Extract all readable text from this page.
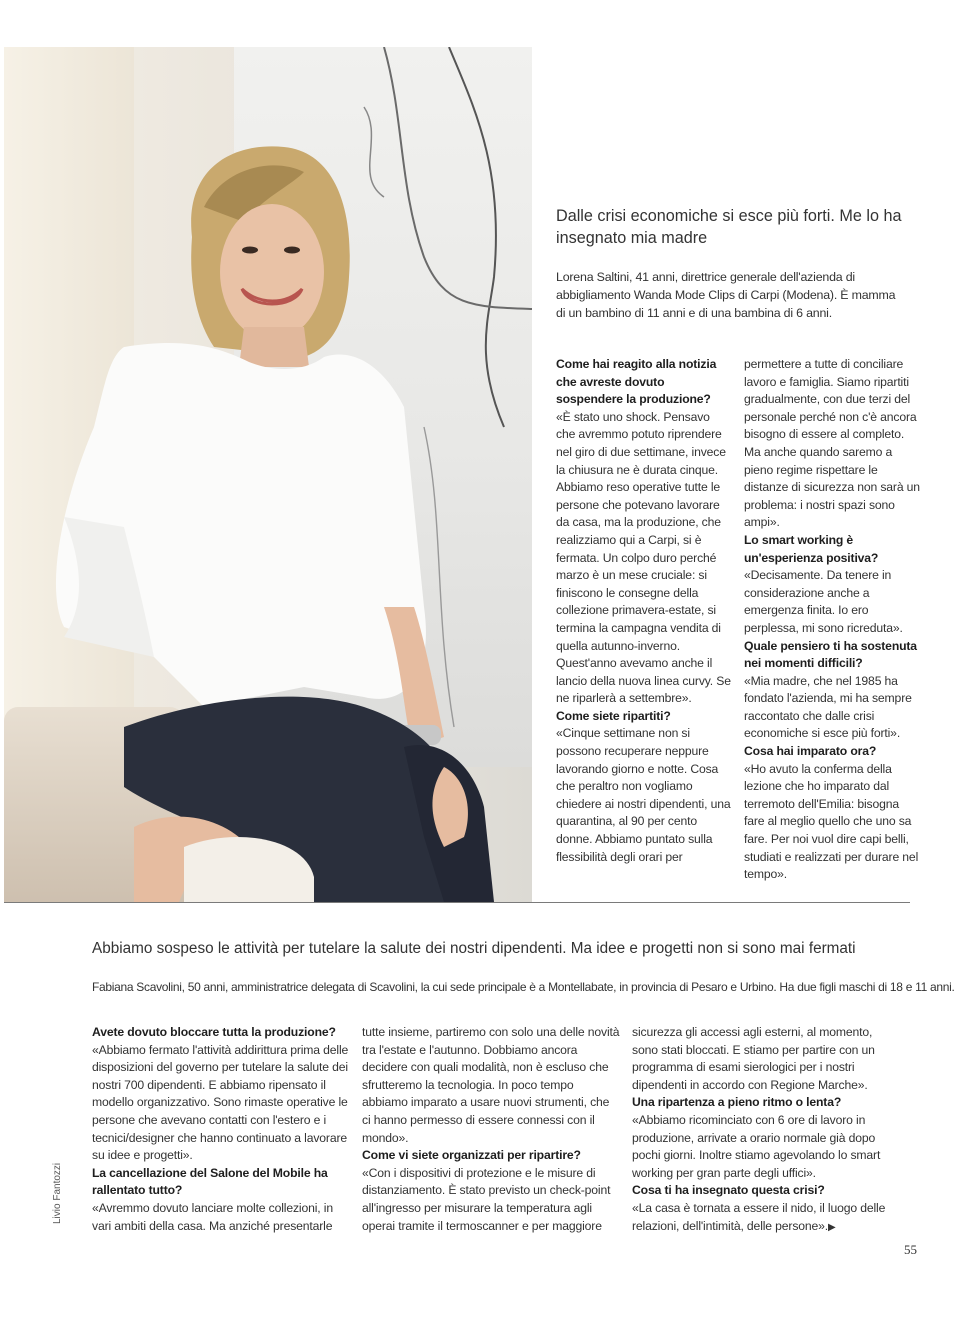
Dalle crisi economiche si esce più forti. Me lo ha insegnato mia madre
Lorena Saltini, 41 anni, direttrice generale dell'azienda di abbigliamento Wanda Mode Clips di Carpi (Modena). È mamma di un bambino di 11 anni e di una bambina di 6 anni.

Come hai reagito alla notizia che avreste dovuto sospendere la produzione?

«È stato uno shock. Pensavo che avremmo potuto riprendere nel giro di due settimane, invece la chiusura ne è durata cinque. Abbiamo reso operative tutte le persone che potevano lavorare da casa, ma la produzione, che realizziamo qui a Carpi, si è fermata. Un colpo duro perché marzo è un mese cruciale: si finiscono le consegne della collezione primavera-estate, si termina la campagna vendita di quella autunno-inverno. Quest'anno avevamo anche il lancio della nuova linea curvy. Se ne riparlerà a settembre».

Come siete ripartiti?

«Cinque settimane non si possono recuperare neppure lavorando giorno e notte. Cosa che peraltro non vogliamo chiedere ai nostri dipendenti, una quarantina, al 90 per cento donne. Abbiamo puntato sulla flessibilità degli orari per

permettere a tutte di conciliare lavoro e famiglia. Siamo ripartiti gradualmente, con due terzi del personale perché non c'è ancora bisogno di essere al completo. Ma anche quando saremo a pieno regime rispettare le distanze di sicurezza non sarà un problema: i nostri spazi sono ampi».

Lo smart working è un'esperienza positiva?

«Decisamente. Da tenere in considerazione anche a emergenza finita. Io ero perplessa, mi sono ricreduta».

Quale pensiero ti ha sostenuta nei momenti difficili?

«Mia madre, che nel 1985 ha fondato l'azienda, mi ha sempre raccontato che dalle crisi economiche si esce più forti».

Cosa hai imparato ora?

«Ho avuto la conferma della lezione che ho imparato dal terremoto dell'Emilia: bisogna fare al meglio quello che uno sa fare. Per noi vuol dire capi belli, studiati e realizzati per durare nel tempo».

Abbiamo sospeso le attività per tutelare la salute dei nostri dipendenti. Ma idee e progetti non si sono mai fermati
Fabiana Scavolini, 50 anni, amministratrice delegata di Scavolini, la cui sede principale è a Montellabate, in provincia di Pesaro e Urbino. Ha due figli maschi di 18 e 11 anni.

Avete dovuto bloccare tutta la produzione?

«Abbiamo fermato l'attività addirittura prima delle disposizioni del governo per tutelare la salute dei nostri 700 dipendenti. E abbiamo ripensato il modello organizzativo. Sono rimaste operative le persone che avevano contatti con l'estero e i tecnici/designer che hanno continuato a lavorare su idee e progetti».

La cancellazione del Salone del Mobile ha rallentato tutto?

«Avremmo dovuto lanciare molte collezioni, in vari ambiti della casa. Ma anziché presentarle

tutte insieme, partiremo con solo una delle novità tra l'estate e l'autunno. Dobbiamo ancora decidere con quali modalità, non è escluso che sfrutteremo la tecnologia. In poco tempo abbiamo imparato a usare nuovi strumenti, che ci hanno permesso di essere connessi con il mondo».

Come vi siete organizzati per ripartire?

«Con i dispositivi di protezione e le misure di distanziamento. È stato previsto un check-point all'ingresso per misurare la temperatura agli operai tramite il termoscanner e per maggiore

sicurezza gli accessi agli esterni, al momento, sono stati bloccati. E stiamo per partire con un programma di esami sierologici per i nostri dipendenti in accordo con Regione Marche».

Una ripartenza a pieno ritmo o lenta?

«Abbiamo ricominciato con 6 ore di lavoro in produzione, arrivate a orario normale già dopo pochi giorni. Inoltre stiamo agevolando lo smart working per gran parte degli uffici».

Cosa ti ha insegnato questa crisi?

«La casa è tornata a essere il nido, il luogo delle relazioni, dell'intimità, delle persone».▶

Livio Fantozzi
55
